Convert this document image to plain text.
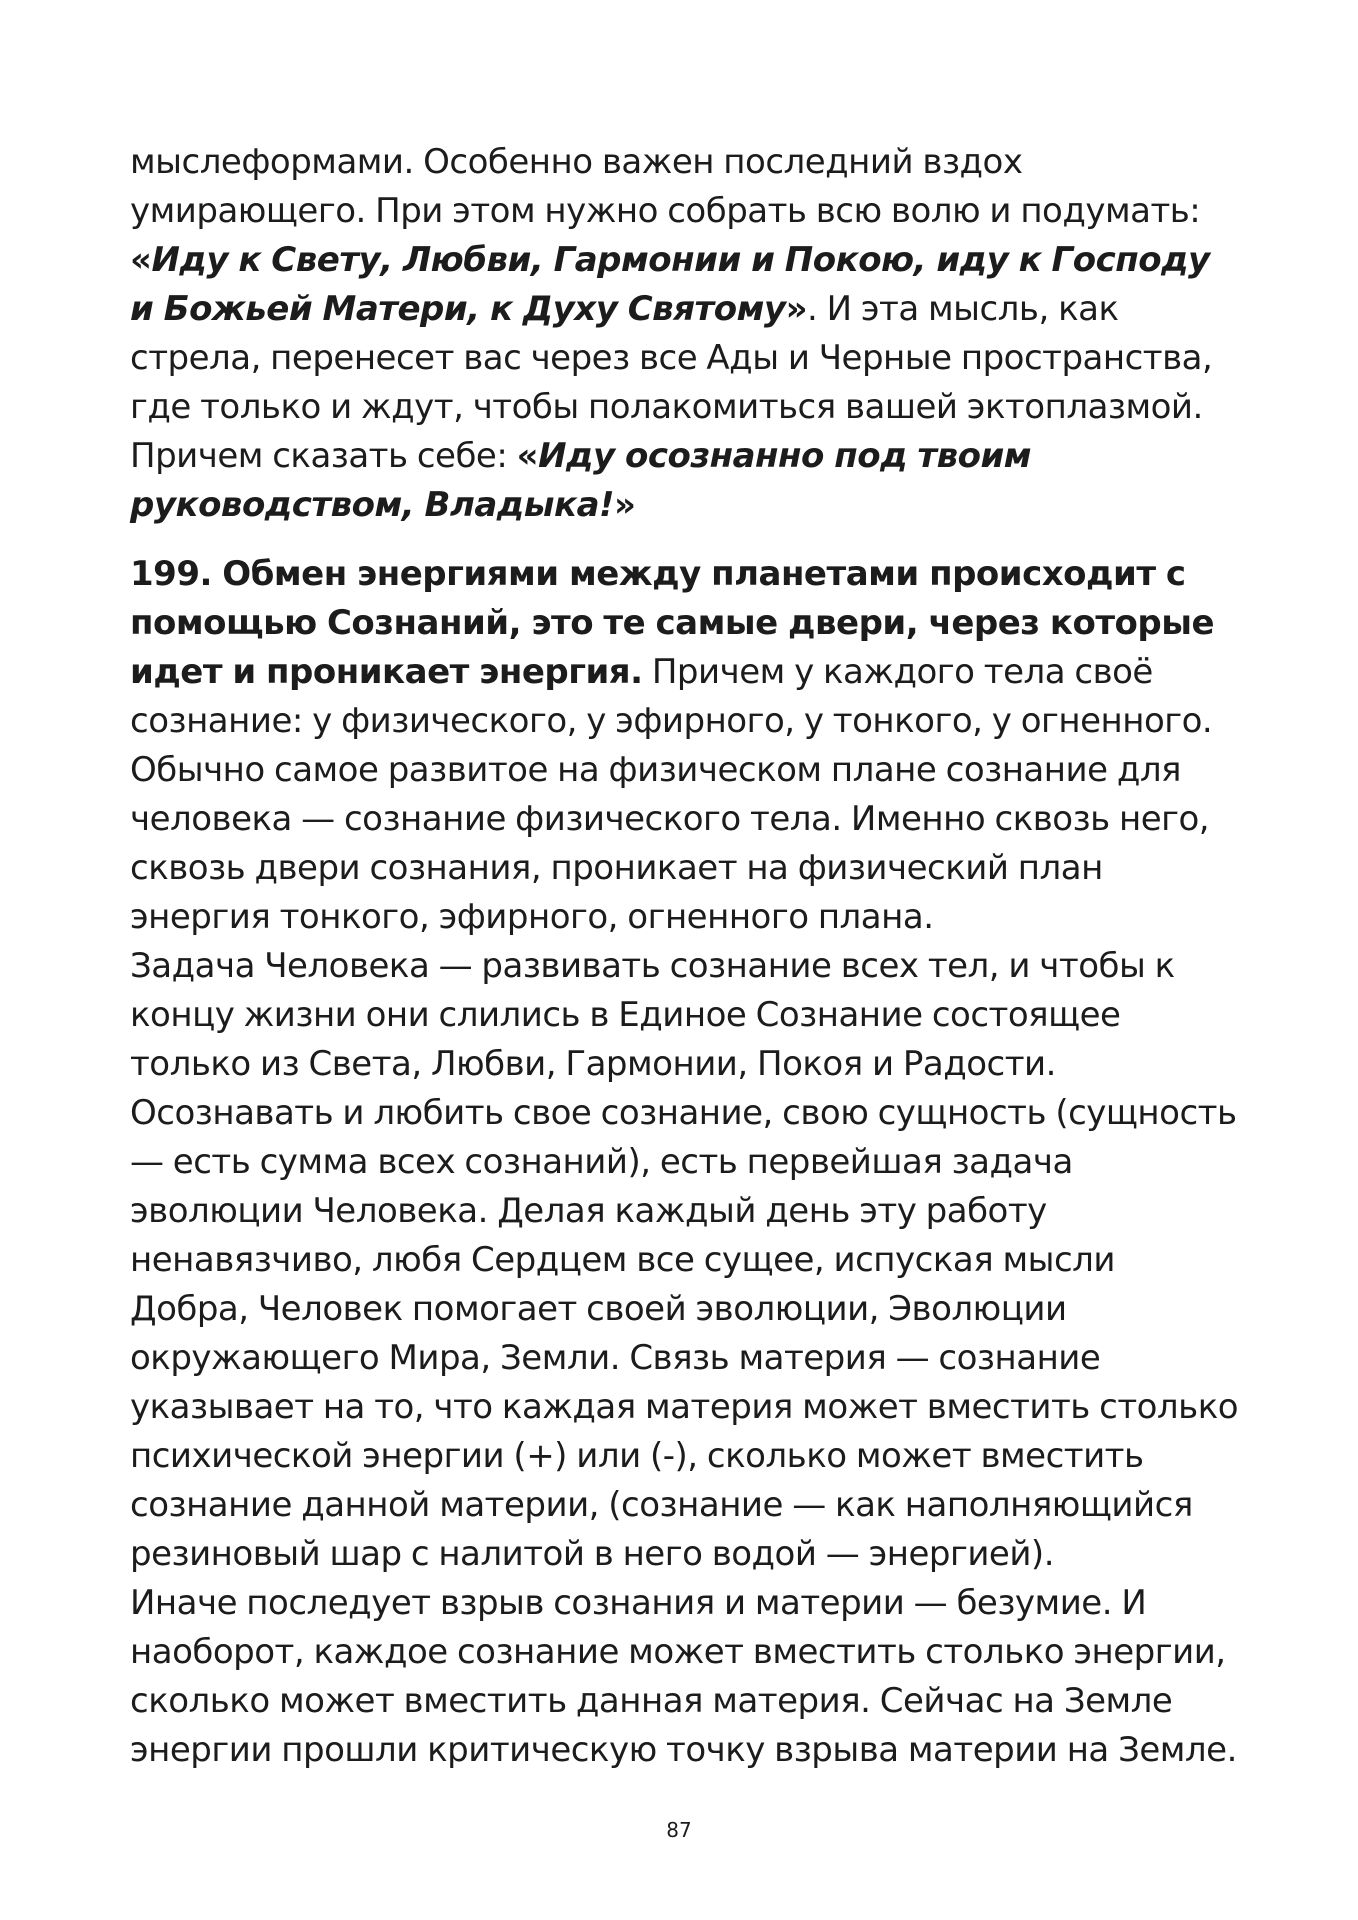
мыслеформами. Особенно важен последний вздох умирающего. При этом нужно собрать всю волю и подумать: «Иду к Свету, Любви, Гармонии и Покою, иду к Господу и Божьей Матери, к Духу Святому». И эта мысль, как стрела, перенесет вас через все Ады и Черные пространства, где только и ждут, чтобы полакомиться вашей эктоплазмой.

Причем сказать себе: «Иду осознанно под твоим руководством, Владыка!»

199. Обмен энергиями между планетами происходит с помощью Сознаний, это те самые двери, через которые идет и проникает энергия. Причем у каждого тела своё сознание: у физического, у эфирного, у тонкого, у огненного. Обычно самое развитое на физическом плане сознание для человека — сознание физического тела. Именно сквозь него, сквозь двери сознания, проникает на физический план энергия тонкого, эфирного, огненного плана.

Задача Человека — развивать сознание всех тел, и чтобы к концу жизни они слились в Единое Сознание состоящее только из Света, Любви, Гармонии, Покоя и Радости. Осознавать и любить свое сознание, свою сущность (сущность — есть сумма всех сознаний), есть первейшая задача эволюции Человека. Делая каждый день эту работу ненавязчиво, любя Сердцем все сущее, испуская мысли Добра, Человек помогает своей эволюции, Эволюции окружающего Мира, Земли. Связь материя — сознание указывает на то, что каждая материя может вместить столько психической энергии (+) или (-), сколько может вместить сознание данной материи, (сознание — как наполняющийся резиновый шар с налитой в него водой — энергией).

Иначе последует взрыв сознания и материи — безумие. И наоборот, каждое сознание может вместить столько энергии, сколько может вместить данная материя. Сейчас на Земле энергии прошли критическую точку взрыва материи на Земле.

87
